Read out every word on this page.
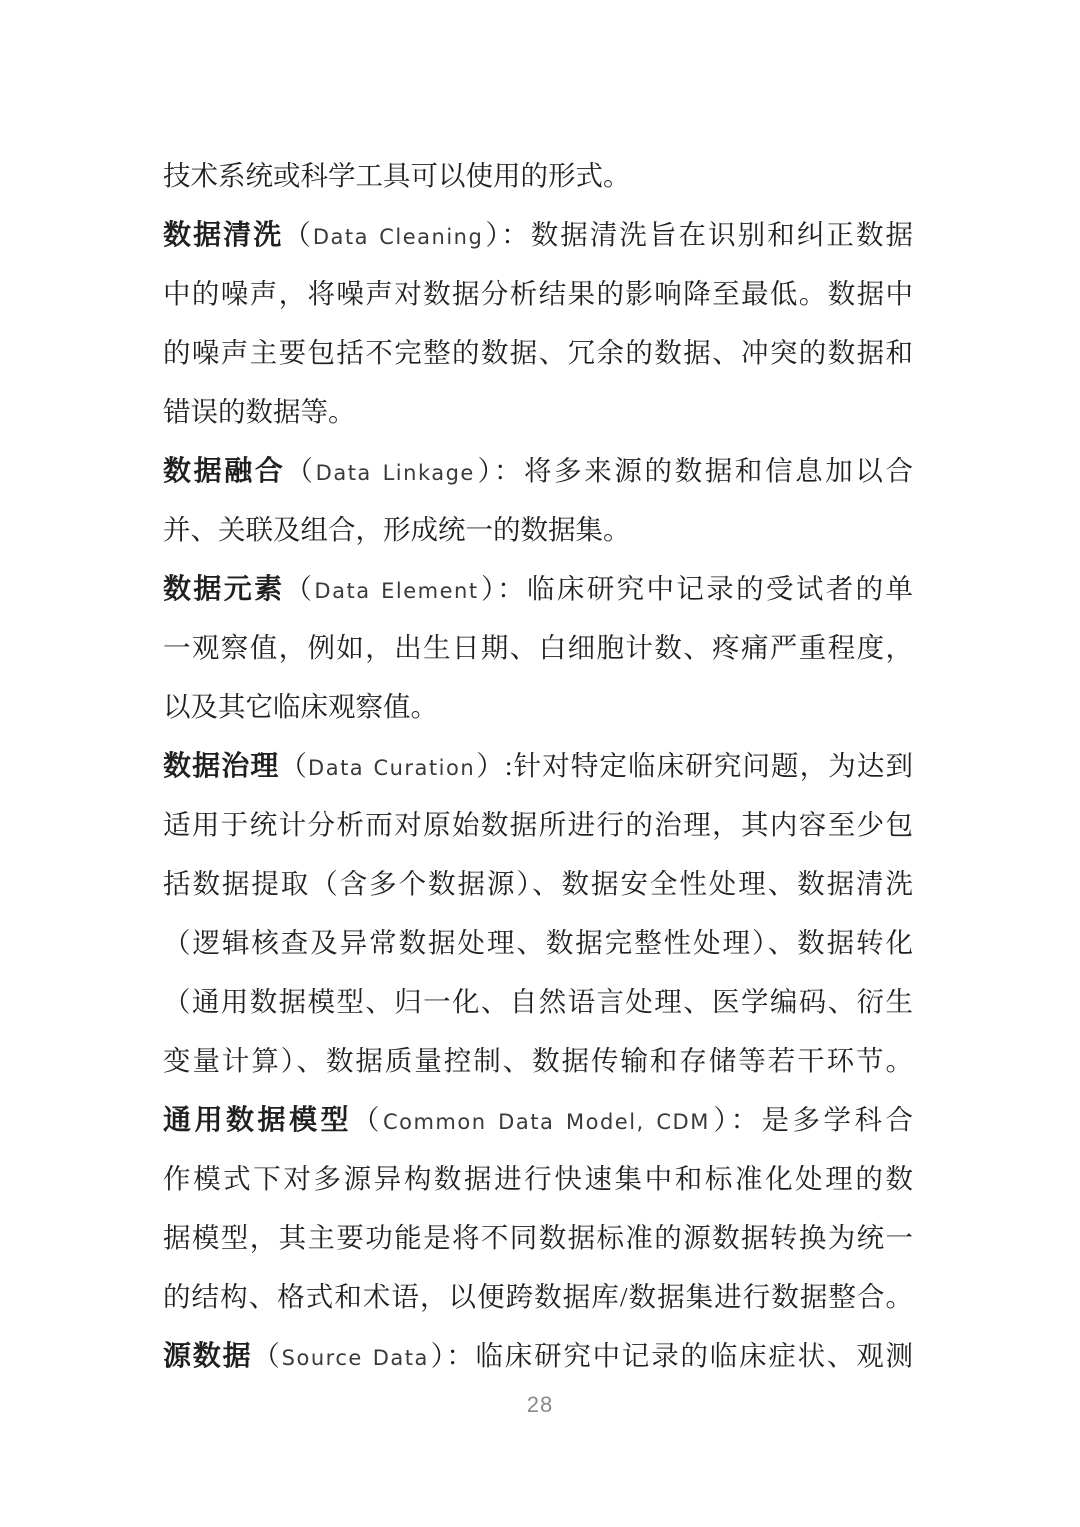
技术系统或科学工具可以使用的形式。
数据清洗（Data Cleaning）：数据清洗旨在识别和纠正数据
中的噪声，将噪声对数据分析结果的影响降至最低。数据中
的噪声主要包括不完整的数据、冗余的数据、冲突的数据和
错误的数据等。
数据融合（Data Linkage）：将多来源的数据和信息加以合
并、关联及组合，形成统一的数据集。
数据元素（Data Element）：临床研究中记录的受试者的单
一观察值，例如，出生日期、白细胞计数、疼痛严重程度，
以及其它临床观察值。
数据治理（Data Curation）:针对特定临床研究问题，为达到
适用于统计分析而对原始数据所进行的治理，其内容至少包
括数据提取（含多个数据源）、数据安全性处理、数据清洗
（逻辑核查及异常数据处理、数据完整性处理）、数据转化
（通用数据模型、归一化、自然语言处理、医学编码、衍生
变量计算）、数据质量控制、数据传输和存储等若干环节。
通用数据模型（Common Data Model, CDM）：是多学科合
作模式下对多源异构数据进行快速集中和标准化处理的数
据模型，其主要功能是将不同数据标准的源数据转换为统一
的结构、格式和术语，以便跨数据库/数据集进行数据整合。
源数据（Source Data）：临床研究中记录的临床症状、观测
28
